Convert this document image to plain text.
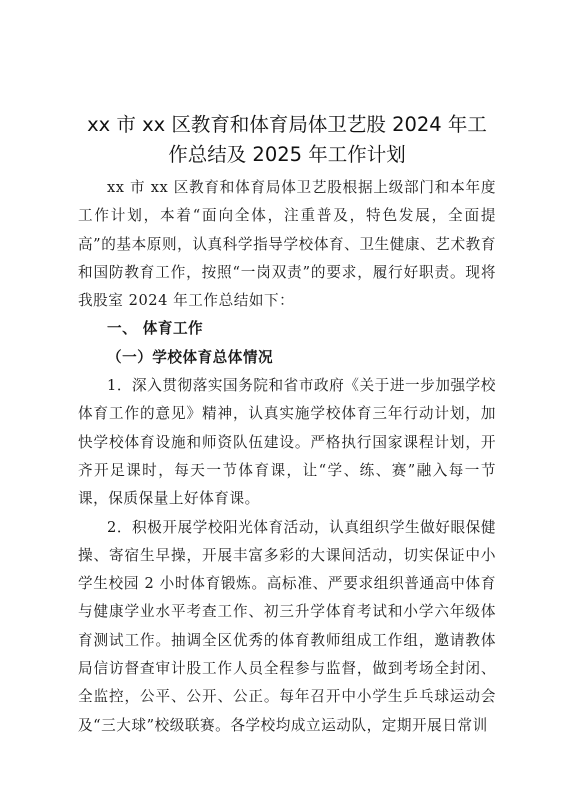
xx 市 xx 区教育和体育局体卫艺股 2024 年工
作总结及 2025 年工作计划

xx 市 xx 区教育和体育局体卫艺股根据上级部门和本年度工作计划，本着“面向全体，注重普及，特色发展，全面提高”的基本原则，认真科学指导学校体育、卫生健康、艺术教育和国防教育工作，按照“一岗双责”的要求，履行好职责。现将我股室 2024 年工作总结如下：

一、 体育工作

（一）学校体育总体情况

1．深入贯彻落实国务院和省市政府《关于进一步加强学校体育工作的意见》精神，认真实施学校体育三年行动计划，加快学校体育设施和师资队伍建设。严格执行国家课程计划，开齐开足课时，每天一节体育课，让“学、练、赛”融入每一节课，保质保量上好体育课。

2．积极开展学校阳光体育活动，认真组织学生做好眼保健操、寄宿生早操，开展丰富多彩的大课间活动，切实保证中小学生校园 2 小时体育锻炼。高标准、严要求组织普通高中体育与健康学业水平考查工作、初三升学体育考试和小学六年级体育测试工作。抽调全区优秀的体育教师组成工作组，邀请教体局信访督查审计股工作人员全程参与监督，做到考场全封闭、全监控，公平、公开、公正。每年召开中小学生乒乓球运动会及“三大球”校级联赛。各学校均成立运动队，定期开展日常训
